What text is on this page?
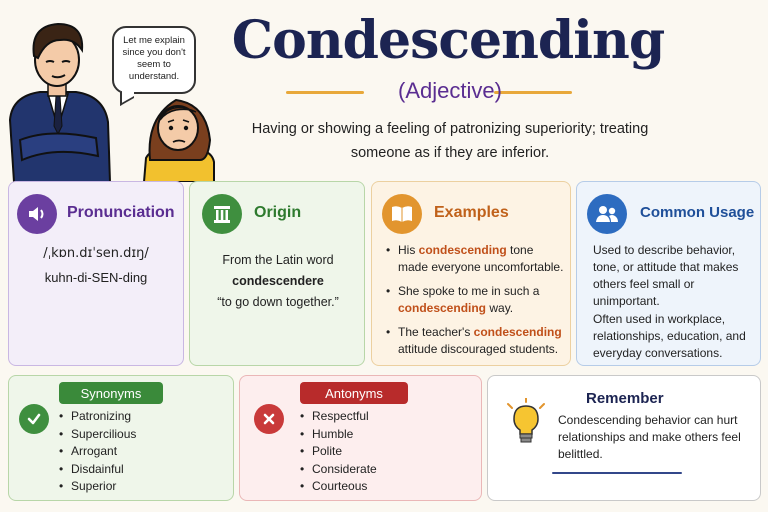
Let me explain since you don't seem to understand.
Condescending
(Adjective)
Having or showing a feeling of patronizing superiority; treating someone as if they are inferior.
Pronunciation
/ˌkɒn.dɪˈsen.dɪŋ/
kuhn-di-SEN-ding
Origin
From the Latin word
condescendere
“to go down together.”
Examples
• His condescending tone made everyone uncomfortable.
• She spoke to me in such a condescending way.
• The teacher's condescending attitude discouraged students.
Common Usage
Used to describe behavior, tone, or attitude that makes others feel small or unimportant.
Often used in workplace, relationships, education, and everyday conversations.
Synonyms
• Patronizing
• Supercilious
• Arrogant
• Disdainful
• Superior
Antonyms
• Respectful
• Humble
• Polite
• Considerate
• Courteous
Remember
Condescending behavior can hurt relationships and make others feel belittled.
